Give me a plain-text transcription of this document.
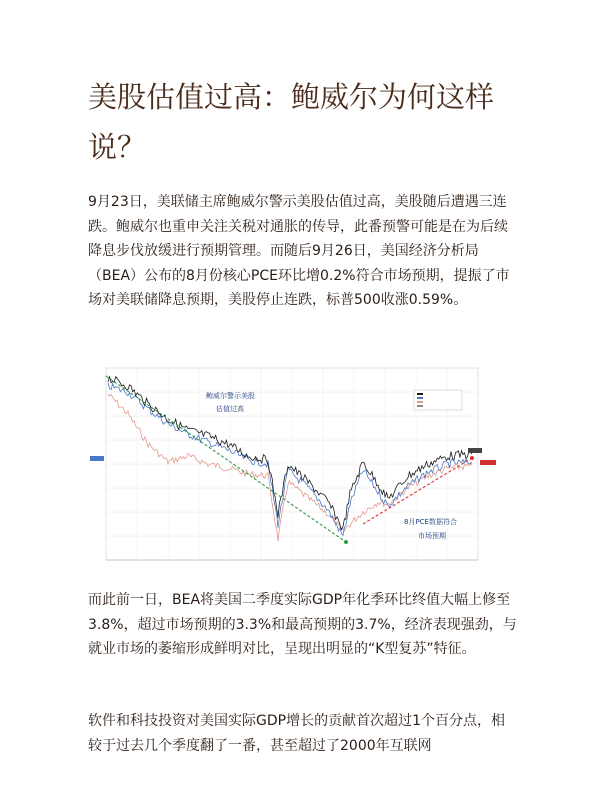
美股估值过高：鲍威尔为何这样说？

9月23日，美联储主席鲍威尔警示美股估值过高，美股随后遭遇三连跌。鲍威尔也重申关注关税对通胀的传导，此番预警可能是在为后续降息步伐放缓进行预期管理。而随后9月26日，美国经济分析局（BEA）公布的8月份核心PCE环比增0.2%符合市场预期，提振了市场对美联储降息预期，美股停止连跌，标普500收涨0.59%。

鲍威尔警示美股
估值过高
8月PCE数据符合
市场预期

而此前一日，BEA将美国二季度实际GDP年化季环比终值大幅上修至3.8%，超过市场预期的3.3%和最高预期的3.7%，经济表现强劲，与就业市场的萎缩形成鲜明对比，呈现出明显的“K型复苏”特征。

软件和科技投资对美国实际GDP增长的贡献首次超过1个百分点，相较于过去几个季度翻了一番，甚至超过了2000年互联网
